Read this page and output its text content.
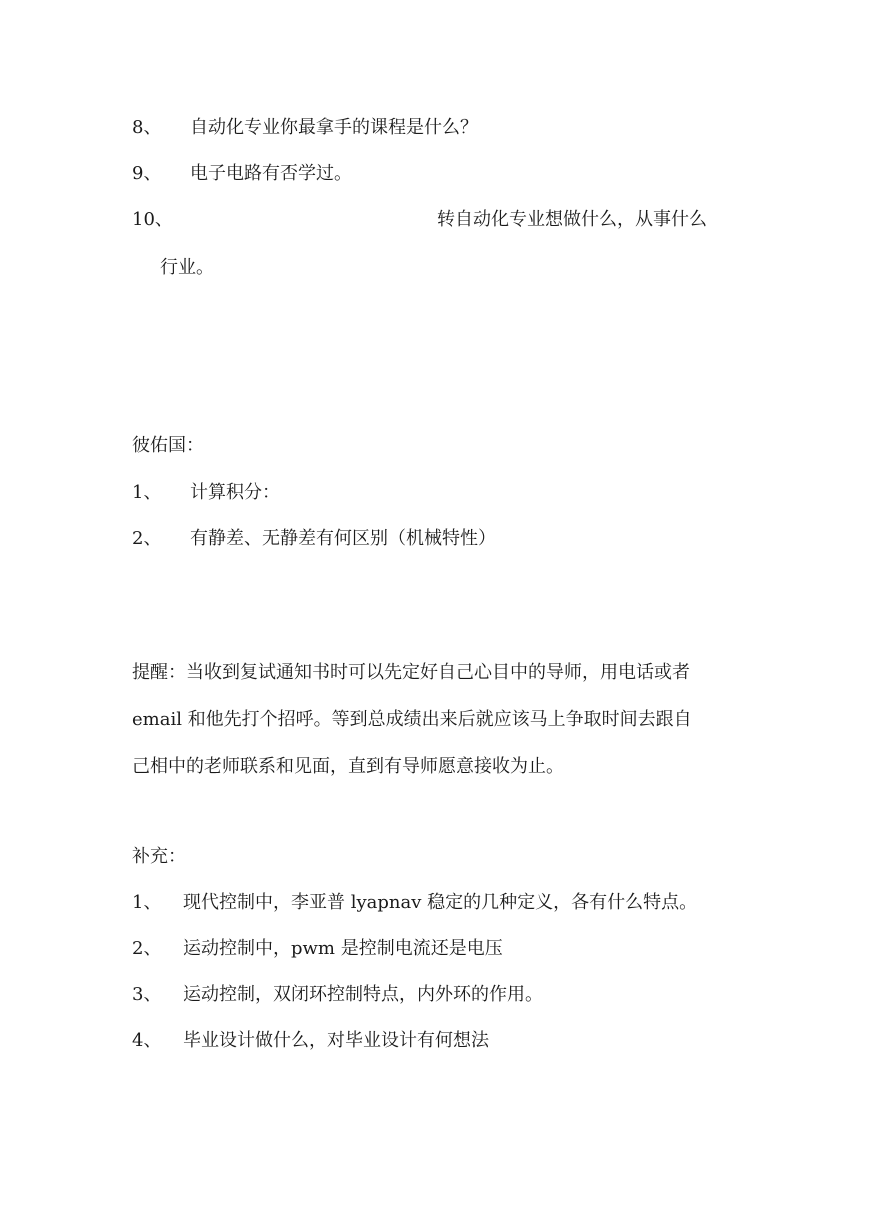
8、 自动化专业你最拿手的课程是什么？
9、 电子电路有否学过。
10、	转自动化专业想做什么，从事什么
行业。
彼佑国：
1、 计算积分：
2、 有静差、无静差有何区别（机械特性）
提醒：当收到复试通知书时可以先定好自己心目中的导师，用电话或者
email 和他先打个招呼。等到总成绩出来后就应该马上争取时间去跟自
己相中的老师联系和见面，直到有导师愿意接收为止。
补充：
1、 现代控制中，李亚普 lyapnav 稳定的几种定义，各有什么特点。
2、 运动控制中，pwm 是控制电流还是电压
3、 运动控制，双闭环控制特点，内外环的作用。
4、 毕业设计做什么，对毕业设计有何想法
